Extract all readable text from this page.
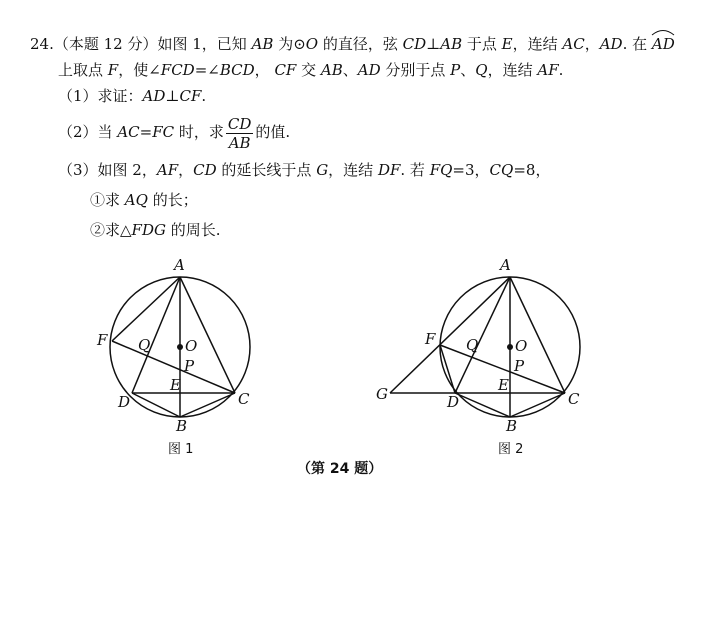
24.（本题 12 分）如图 1，已知 AB 为⊙O 的直径，弦 CD⊥AB 于点 E，连结 AC，AD. 在
AD
上取点 F，使∠FCD=∠BCD， CF 交 AB、AD 分别于点 P、Q，连结 AF.
（1）求证：AD⊥CF.
（2）当 AC=FC 时，求 $\frac{CD}{AB}$ 的值.
（3）如图 2，AF，CD 的延长线于点 G，连结 DF. 若 FQ=3，CQ=8，
①求 AQ 的长；
②求△FDG 的周长.
A
F Q O
P
E
D	C
B
图 1
A
F Q O
P
E
G	D	C
B
图 2
（第 24 题）
